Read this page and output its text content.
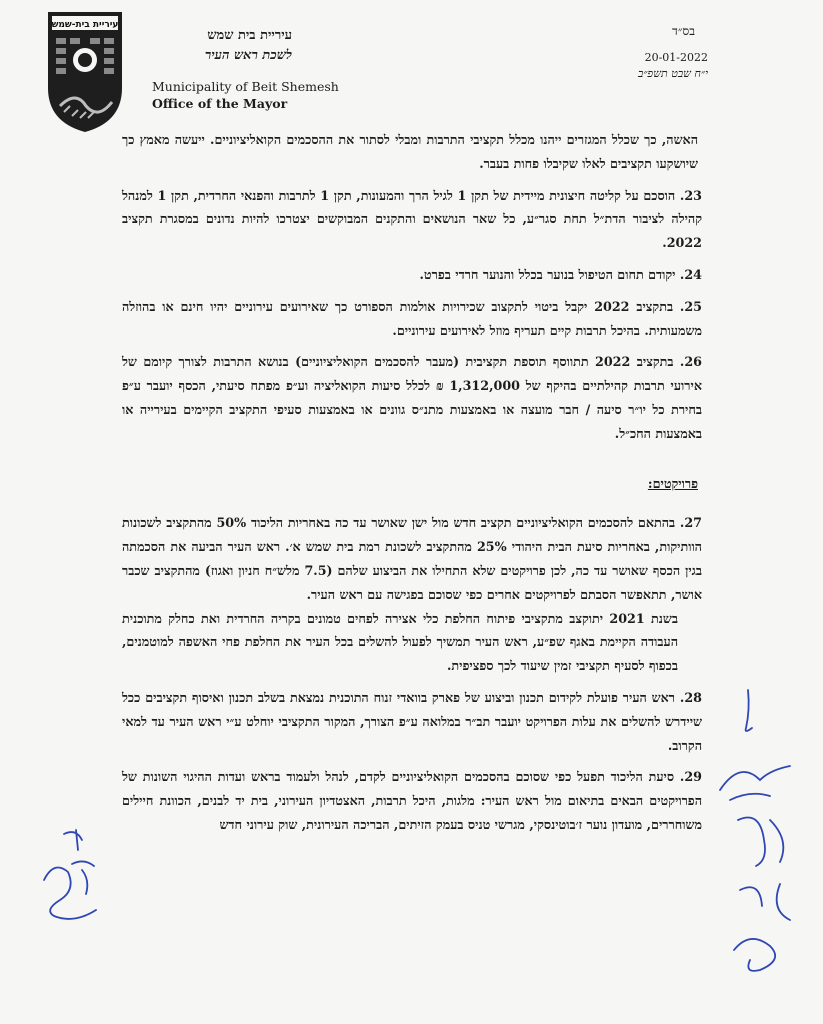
עיריית בית-שמש
עיריית בית שמש
לשכת ראש העיר
Municipality of Beit Shemesh
Office of the Mayor
בס״ד
20-01-2022
י״ח שבט תשפ״ב
האשה, כך שכלל המגזרים ייהנו מכלל תקציבי התרבות ומבלי לסתור את ההסכמים הקואליציוניים. ייעשה מאמץ כך שיושקעו תקציבים לאלו שקיבלו פחות בעבר.
23. הוסכם על קליטה חיצונית מיידית של תקן 1 לגיל הרך והמעונות, תקן 1 לתרבות והפנאי החרדית, תקן 1 למנהל קהילה לציבור הדת״ל תחת סגר״ע, כל שאר הנושאים והתקנים המבוקשים יצטרכו להיות נדונים במסגרת תקציב 2022.
24. יקודם תחום הטיפול בנוער בכלל והנוער חרדי בפרט.
25. בתקציב 2022 יקבל ביטוי לתקצוב שכירויות אולמות הספורט כך שאירועים עירוניים יהיו חינם או בהוזלה משמעותית. בהיכל תרבות קיים תעריף מוזל לאירועים עירוניים.
26. בתקציב 2022 תתווסף תוספת תקציבית (מעבר להסכמים הקואליציוניים) בנושא התרבות לצורך קיומם של אירועי תרבות קהילתיים בהיקף של 1,312,000 ₪ לכלל סיעות הקואליציה וע״פ מפתח סיעתי, הכסף יועבר ע״פ בחירת כל יו״ר סיעה / חבר מועצה או באמצעות מתנ״ס גוונים או באמצעות סעיפי התקציב הקיימים בעירייה או באמצעות החכ״ל.
פרויקטים:
27. בהתאם להסכמים הקואליציוניים תקציב חדש מול ישן שאושר עד כה באחריות הליכוד 50% מהתקציב לשכונות הוותיקות, באחריות סיעת הבית היהודי 25% מהתקציב לשכונת רמת בית שמש א׳. ראש העיר הביעה את הסכמתה בגין הכסף שאושר עד כה, לכן פרויקטים שלא התחילו את הביצוע שלהם (7.5 מלש״ח חניון ואגוז) מהתקציב שכבר אושר, תתאפשר הסבתם לפרויקטים אחרים כפי שסוכם בפגישה עם ראש העיר.
בשנת 2021 יתוקצב מתקציבי פיתוח החלפת כלי אצירה לפחים טמונים בקריה החרדית ואת כחלק מתוכנית העבודה הקיימת באגף שפ״ע, ראש העיר תמשיך לפעול להשלים בכל העיר את החלפת פחי האשפה למוטמנים, בכפוף לסעיף תקציבי זמין שיעוד לכך ספציפית.
28. ראש העיר פועלת לקידום תכנון וביצוע של פארק בוואדי זנוח התוכנית נמצאת בשלב תכנון ואיסוף תקציבים ככל שיידרש להשלים את עלות הפרויקט יועבר תב״ר במלואה ע״פ הצורך, המקור התקציבי יוחלט ע״י ראש העיר עד למאי הקרוב.
29. סיעת הליכוד תפעל כפי שסוכם בהסכמים הקואליציוניים לקדם, לנהל ולעמוד בראש ועדות ההיגוי השונות של הפרויקטים הבאים בתיאום מול ראש העיר: מלגות, היכל תרבות, האצטדיון העירוני, בית יד לבנים, הכוונת חיילים משוחררים, מועדון נוער ז׳בוטינסקי, מגרשי טניס בעמק הזיתים, הבריכה העירונית, שוק עירוני חדש
